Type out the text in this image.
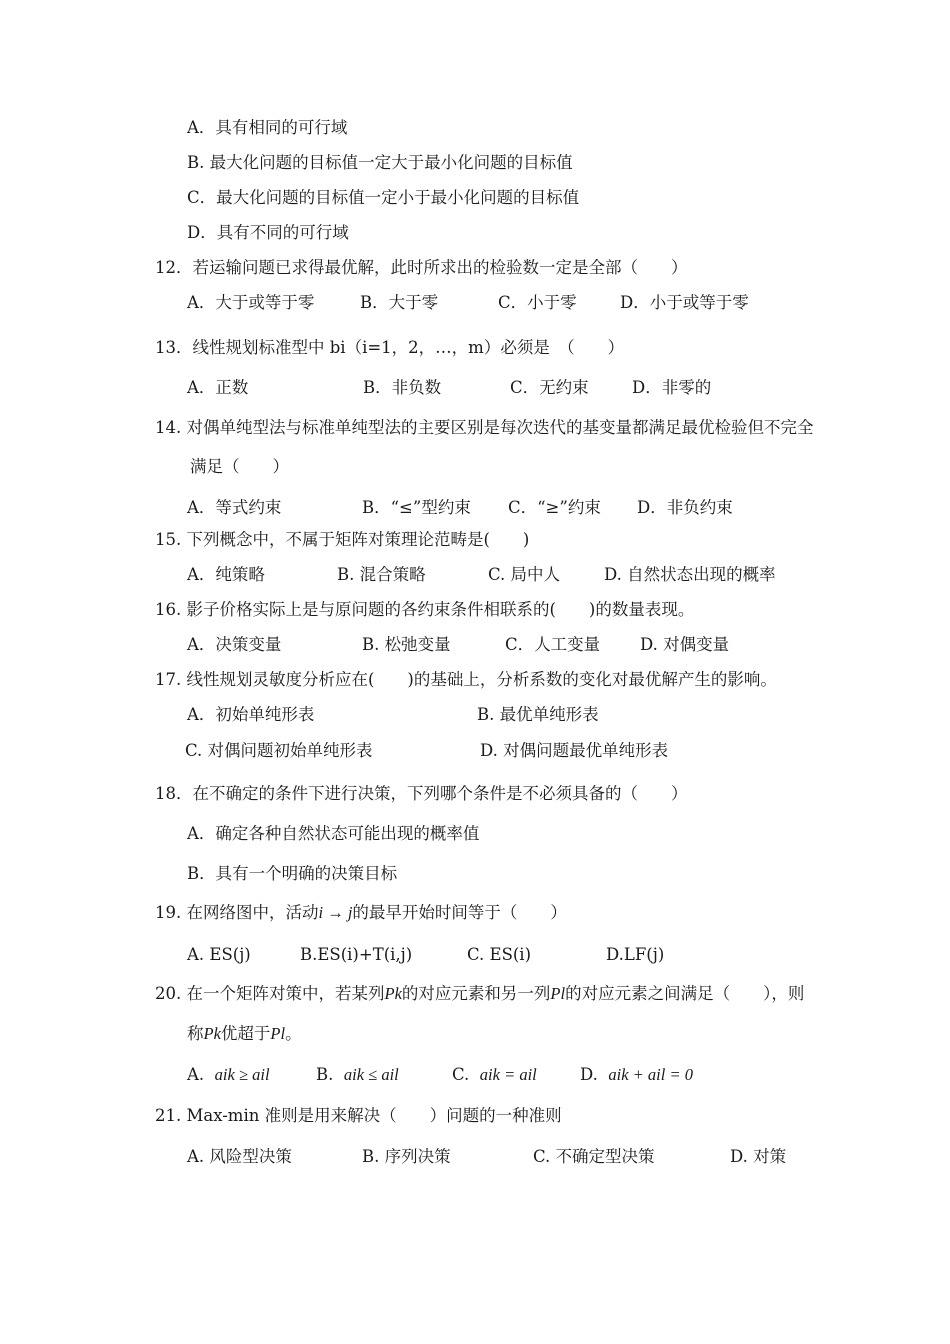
A．具有相同的可行域
B. 最大化问题的目标值一定大于最小化问题的目标值
C．最大化问题的目标值一定小于最小化问题的目标值
D．具有不同的可行域
12．若运输问题已求得最优解，此时所求出的检验数一定是全部（　　）
A．大于或等于零	B．大于零	C．小于零	D．小于或等于零
13．线性规划标准型中 bi（i=1，2，…，m）必须是　（　　）
A．正数	B．非负数	C．无约束	D．非零的
14. 对偶单纯型法与标准单纯型法的主要区别是每次迭代的基变量都满足最优检验但不完全
满足（　　）
A．等式约束	B．“≤”型约束 C．“≥”约束 D．非负约束
15. 下列概念中，不属于矩阵对策理论范畴是(　　)
A．纯策略	B. 混合策略	C. 局中人	D. 自然状态出现的概率
16. 影子价格实际上是与原问题的各约束条件相联系的(　　)的数量表现。
A．决策变量	B. 松弛变量	C．人工变量 D. 对偶变量
17. 线性规划灵敏度分析应在(　　)的基础上，分析系数的变化对最优解产生的影响。
A．初始单纯形表	B. 最优单纯形表
C. 对偶问题初始单纯形表	D. 对偶问题最优单纯形表
18．在不确定的条件下进行决策，下列哪个条件是不必须具备的（　　）
A．确定各种自然状态可能出现的概率值
B．具有一个明确的决策目标
19. 在网络图中，活动i → j的最早开始时间等于（　　）
A. ES(j)	B.ES(i)+T(i,j)	C. ES(i)	D.LF(j)
20. 在一个矩阵对策中，若某列Pk的对应元素和另一列Pl的对应元素之间满足（　　），则
称Pk优超于Pl。
A. aik ≥ ail	B. aik ≤ ail	C. aik = ail	D. aik + ail = 0
21. Max-min 准则是用来解决（　　）问题的一种准则
A. 风险型决策	B. 序列决策	C. 不确定型决策	D. 对策
